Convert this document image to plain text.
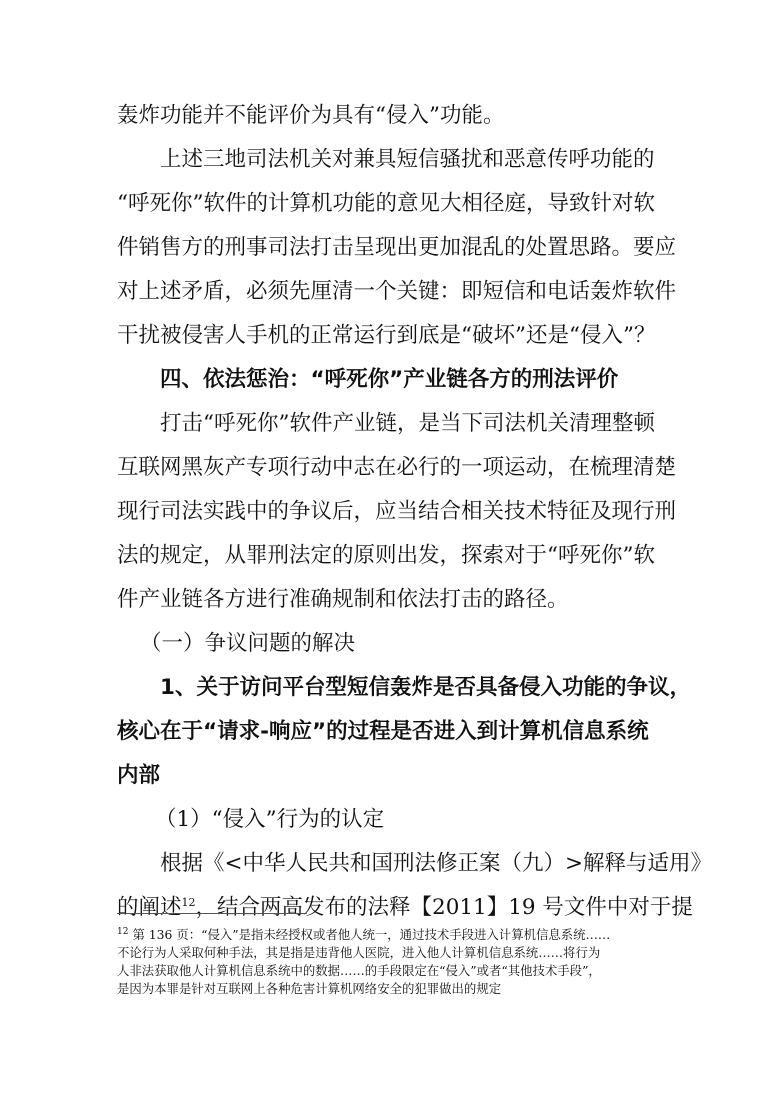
轰炸功能并不能评价为具有“侵入”功能。
上述三地司法机关对兼具短信骚扰和恶意传呼功能的
“呼死你”软件的计算机功能的意见大相径庭，导致针对软
件销售方的刑事司法打击呈现出更加混乱的处置思路。要应
对上述矛盾，必须先厘清一个关键：即短信和电话轰炸软件
干扰被侵害人手机的正常运行到底是“破坏”还是“侵入”？
四、依法惩治：“呼死你”产业链各方的刑法评价
打击“呼死你”软件产业链，是当下司法机关清理整顿
互联网黑灰产专项行动中志在必行的一项运动，在梳理清楚
现行司法实践中的争议后，应当结合相关技术特征及现行刑
法的规定，从罪刑法定的原则出发，探索对于“呼死你”软
件产业链各方进行准确规制和依法打击的路径。
（一）争议问题的解决
1、关于访问平台型短信轰炸是否具备侵入功能的争议，
核心在于“请求-响应”的过程是否进入到计算机信息系统
内部
（1）“侵入”行为的认定
根据《<中华人民共和国刑法修正案（九）>解释与适用》
的阐述$^{12}$，结合两高发布的法释【2011】19 号文件中对于提
$^{12}$ 第 136 页：“侵入”是指未经授权或者他人统一，通过技术手段进入计算机信息系统……
不论行为人采取何种手法，其是指是违背他人医院，进入他人计算机信息系统……将行为
人非法获取他人计算机信息系统中的数据……的手段限定在“侵入”或者“其他技术手段”，
是因为本罪是针对互联网上各种危害计算机网络安全的犯罪做出的规定
